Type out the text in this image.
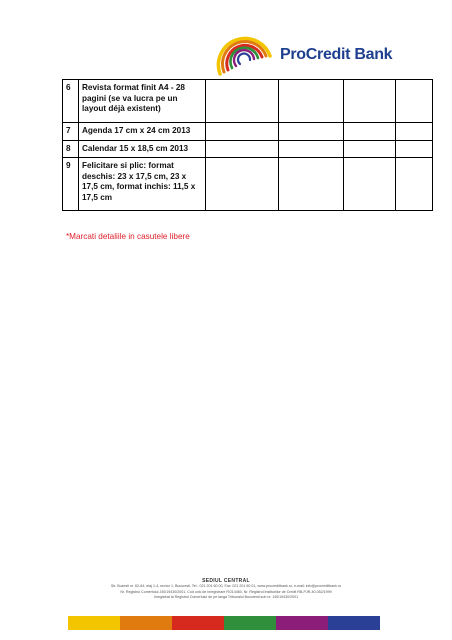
ProCredit Bank
6	Revista format finit A4 - 28 pagini (se va lucra pe un layout déjà existent)				
7	Agenda 17 cm x 24 cm 2013				
8	Calendar 15 x 18,5 cm 2013				
9	Felicitare si plic: format deschis: 23 x 17,5 cm, 23 x 17,5 cm, format inchis: 11,5 x 17,5 cm				
*Marcati detaliile in casutele libere
SEDIUL CENTRAL
Str. Buzesti nr. 62-64, etaj 1-4, sector 1, Bucuresti, Tel.: 021 201 60 00, Fax: 021 201 60 01, www.procreditbank.ro, e-mail: info@procreditbank.ro
Nr. Registrul Comertului J40/19430/2001, Cod unic de inregistrare RO14460, Nr. Registrul Institutiilor de Credit RB-PJR-40-052/1999
Inregistrat la Registrul Comertului de pe langa Tribunalul Bucuresti sub nr. J40/19430/2001
